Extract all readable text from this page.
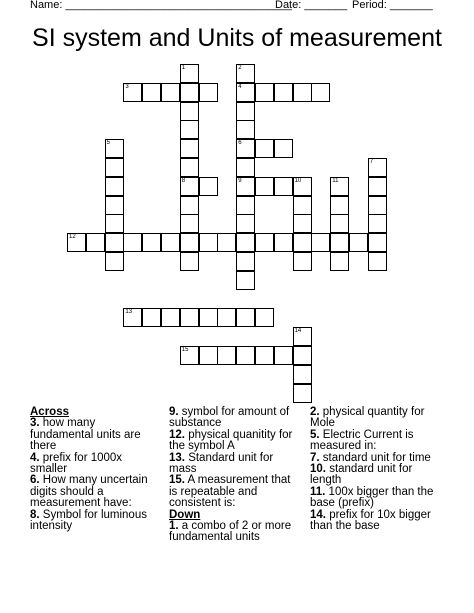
Name: _____________________________________
Date: _______ Period: _______
SI system and Units of measurement
1
8
2
4
6
9
3
5
7
10	11
12
13
14
15
Across
3. how many fundamental units are there
4. prefix for 1000x smaller
6. How many uncertain digits should a measurement have:
8. Symbol for luminous intensity
9. symbol for amount of substance
12. physical quanitity for the symbol A
13. Standard unit for mass
15. A measurement that is repeatable and consistent is:
Down
1. a combo of 2 or more fundamental units
2. physical quantity for Mole
5. Electric Current is measured in:
7. standard unit for time
10. standard unit for length
11. 100x bigger than the base (prefix)
14. prefix for 10x bigger than the base
